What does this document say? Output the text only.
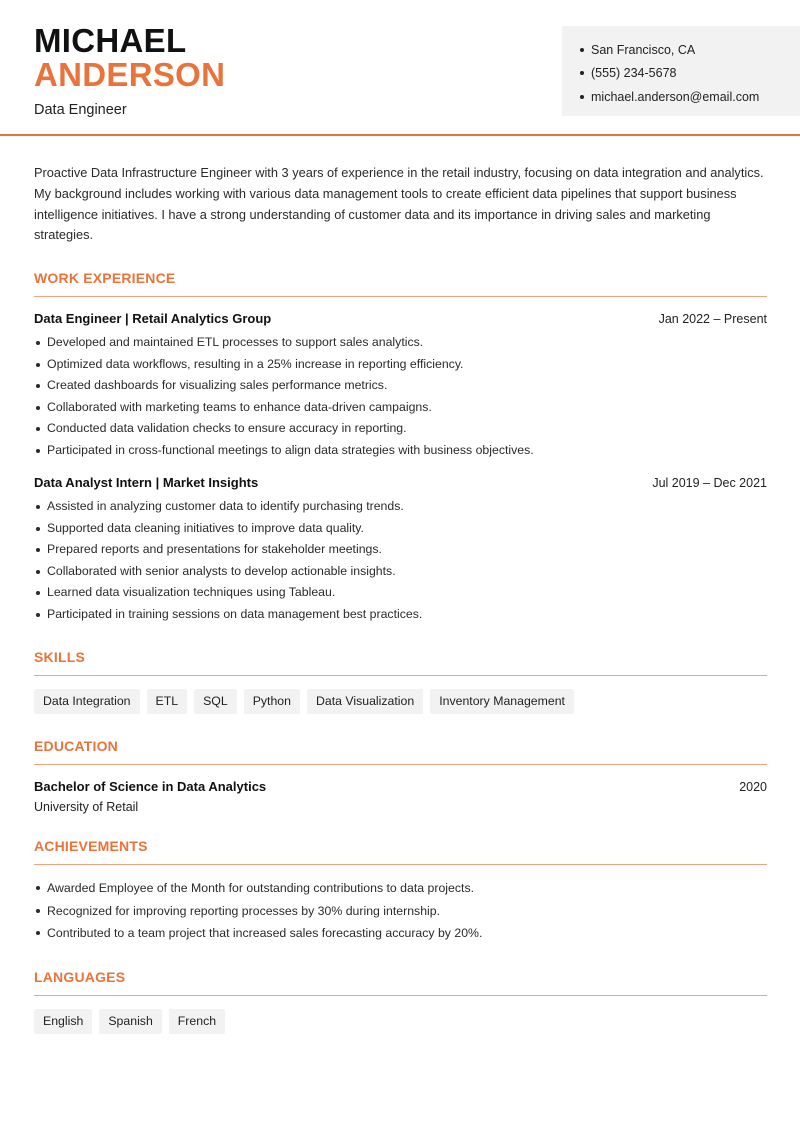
MICHAEL
ANDERSON
Data Engineer
San Francisco, CA
(555) 234-5678
michael.anderson@email.com
Proactive Data Infrastructure Engineer with 3 years of experience in the retail industry, focusing on data integration and analytics. My background includes working with various data management tools to create efficient data pipelines that support business intelligence initiatives. I have a strong understanding of customer data and its importance in driving sales and marketing strategies.
WORK EXPERIENCE
Data Engineer | Retail Analytics Group	Jan 2022 – Present
Developed and maintained ETL processes to support sales analytics.
Optimized data workflows, resulting in a 25% increase in reporting efficiency.
Created dashboards for visualizing sales performance metrics.
Collaborated with marketing teams to enhance data-driven campaigns.
Conducted data validation checks to ensure accuracy in reporting.
Participated in cross-functional meetings to align data strategies with business objectives.
Data Analyst Intern | Market Insights	Jul 2019 – Dec 2021
Assisted in analyzing customer data to identify purchasing trends.
Supported data cleaning initiatives to improve data quality.
Prepared reports and presentations for stakeholder meetings.
Collaborated with senior analysts to develop actionable insights.
Learned data visualization techniques using Tableau.
Participated in training sessions on data management best practices.
SKILLS
Data Integration	ETL	SQL	Python	Data Visualization	Inventory Management
EDUCATION
Bachelor of Science in Data Analytics	2020
University of Retail
ACHIEVEMENTS
Awarded Employee of the Month for outstanding contributions to data projects.
Recognized for improving reporting processes by 30% during internship.
Contributed to a team project that increased sales forecasting accuracy by 20%.
LANGUAGES
English	Spanish	French
